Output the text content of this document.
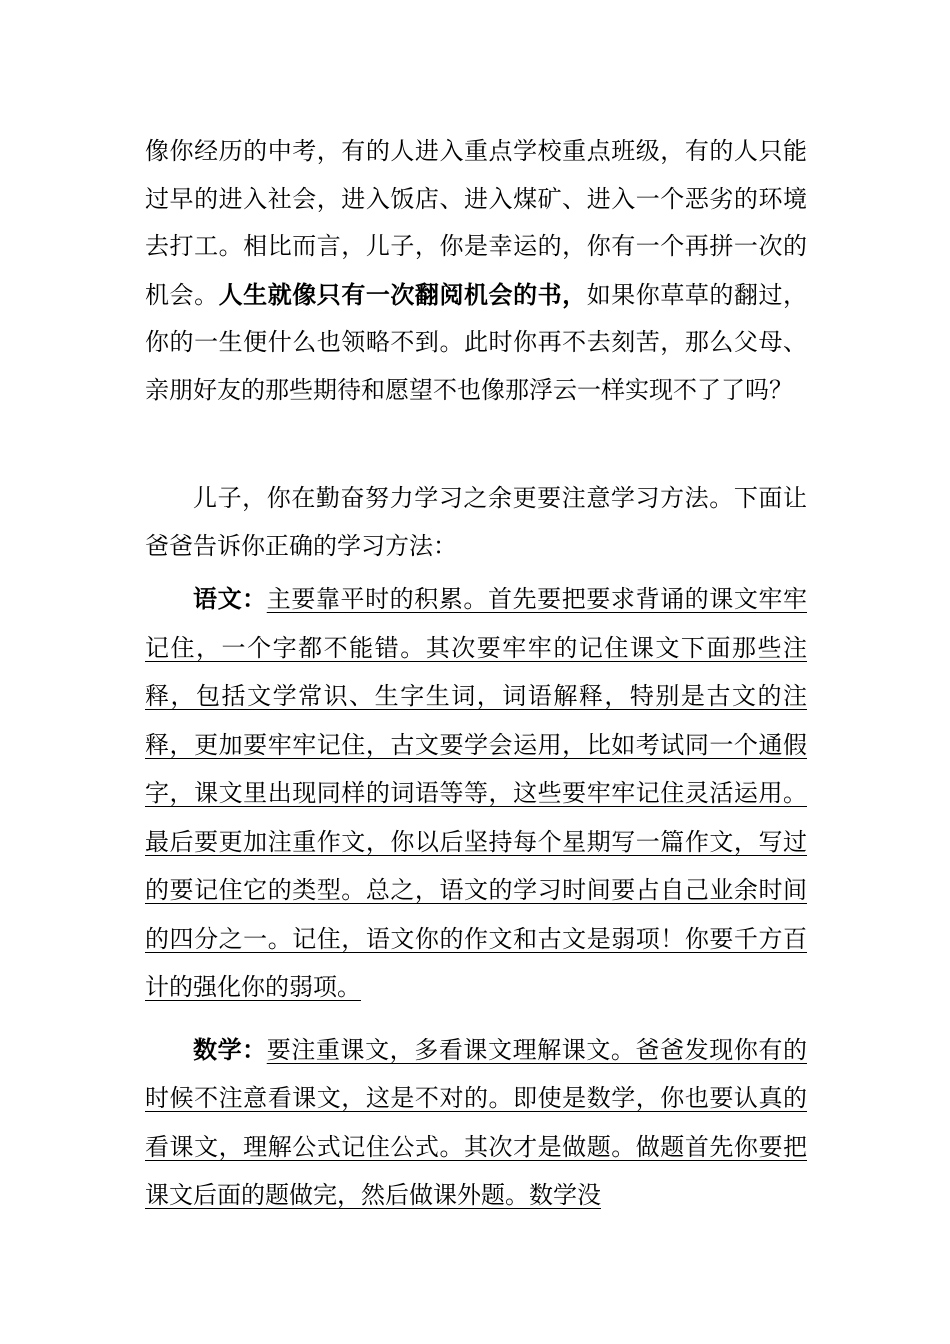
像你经历的中考，有的人进入重点学校重点班级，有的人只能过早的进入社会，进入饭店、进入煤矿、进入一个恶劣的环境去打工。相比而言，儿子，你是幸运的，你有一个再拼一次的机会。人生就像只有一次翻阅机会的书，如果你草草的翻过，你的一生便什么也领略不到。此时你再不去刻苦，那么父母、亲朋好友的那些期待和愿望不也像那浮云一样实现不了了吗？

儿子，你在勤奋努力学习之余更要注意学习方法。下面让爸爸告诉你正确的学习方法：

语文：主要靠平时的积累。首先要把要求背诵的课文牢牢记住，一个字都不能错。其次要牢牢的记住课文下面那些注释，包括文学常识、生字生词，词语解释，特别是古文的注释，更加要牢牢记住，古文要学会运用，比如考试同一个通假字，课文里出现同样的词语等等，这些要牢牢记住灵活运用。最后要更加注重作文，你以后坚持每个星期写一篇作文，写过的要记住它的类型。总之，语文的学习时间要占自己业余时间的四分之一。记住，语文你的作文和古文是弱项！你要千方百计的强化你的弱项。

数学：要注重课文，多看课文理解课文。爸爸发现你有的时候不注意看课文，这是不对的。即使是数学，你也要认真的看课文，理解公式记住公式。其次才是做题。做题首先你要把课文后面的题做完，然后做课外题。数学没
